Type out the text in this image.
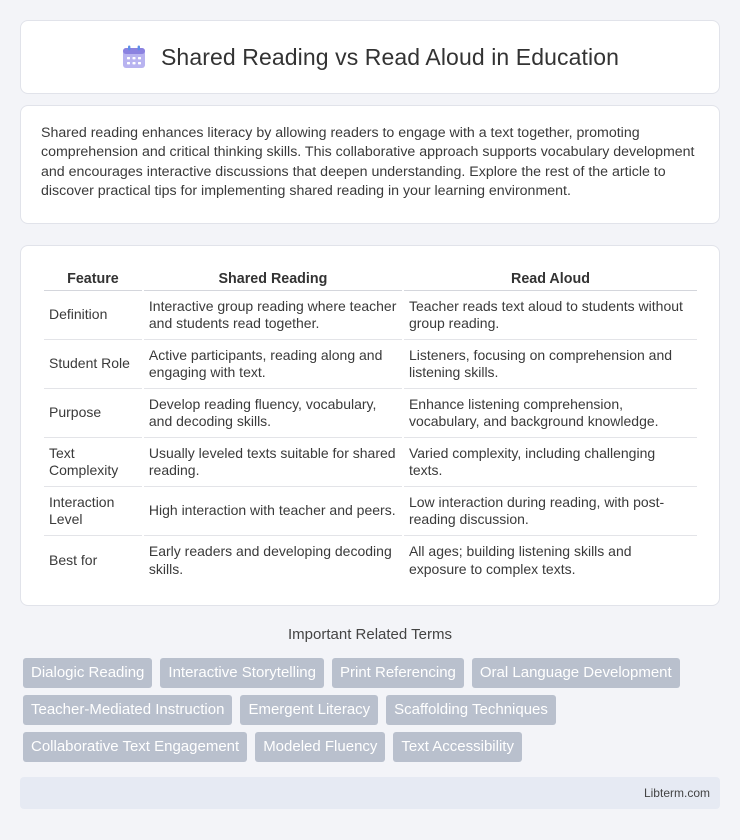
Shared Reading vs Read Aloud in Education

Shared reading enhances literacy by allowing readers to engage with a text together, promoting comprehension and critical thinking skills. This collaborative approach supports vocabulary development and encourages interactive discussions that deepen understanding. Explore the rest of the article to discover practical tips for implementing shared reading in your learning environment.

Feature	Shared Reading	Read Aloud
Definition	Interactive group reading where teacher and students read together.	Teacher reads text aloud to students without group reading.
Student Role	Active participants, reading along and engaging with text.	Listeners, focusing on comprehension and listening skills.
Purpose	Develop reading fluency, vocabulary, and decoding skills.	Enhance listening comprehension, vocabulary, and background knowledge.
Text Complexity	Usually leveled texts suitable for shared reading.	Varied complexity, including challenging texts.
Interaction Level	High interaction with teacher and peers.	Low interaction during reading, with post-reading discussion.
Best for	Early readers and developing decoding skills.	All ages; building listening skills and exposure to complex texts.
Important Related Terms
Dialogic Reading	Interactive Storytelling	Print Referencing	Oral Language Development
Teacher-Mediated Instruction	Emergent Literacy	Scaffolding Techniques
Collaborative Text Engagement	Modeled Fluency	Text Accessibility
Libterm.com
